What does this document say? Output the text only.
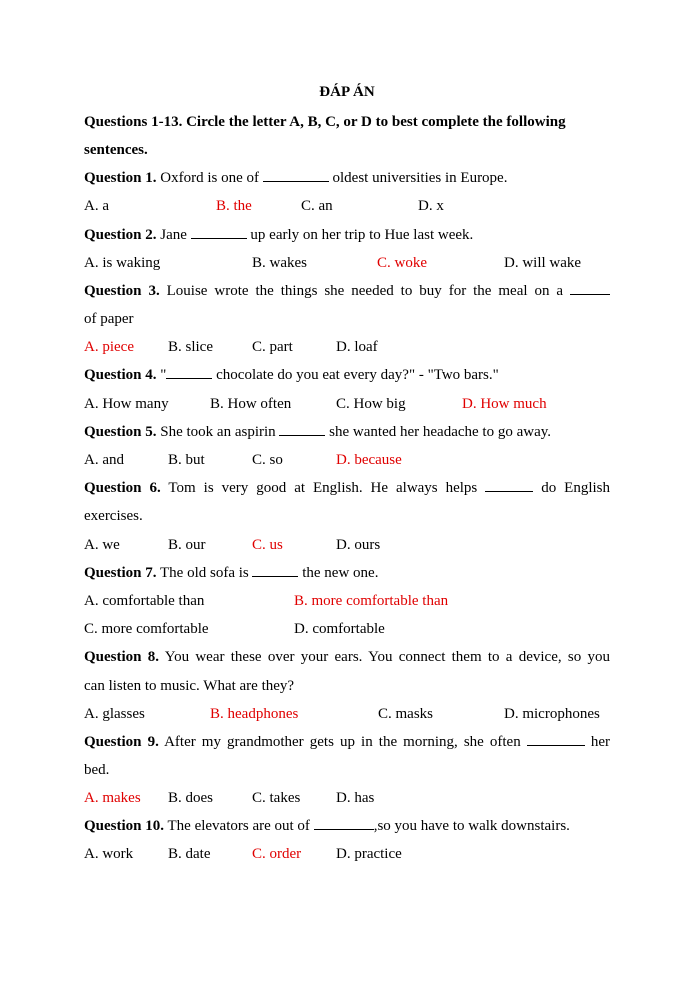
ĐÁP ÁN
Questions 1-13. Circle the letter A, B, C, or D to best complete the following
sentences.
Question 1. Oxford is one of	oldest universities in Europe.
A. a	B. the	C. an	D. x
Question 2. Jane	up early on her trip to Hue last week.
A. is waking	B. wakes	C. woke	D. will wake
Question 3. Louise wrote the things she needed to buy for the meal on a
of paper
A. piece B. slice	C. part	D. loaf
Question 4. "	chocolate do you eat every day?" - "Two bars."
A. How many	B. How often	C. How big	D. How much
Question 5. She took an aspirin	she wanted her headache to go away.
A. and	B. but	C. so	D. because
Question 6. Tom is very good at English. He always helps	do English
exercises.
A. we	B. our	C. us	D. ours
Question 7. The old sofa is	the new one.
A. comfortable than	B. more comfortable than
C. more comfortable	D. comfortable
Question 8. You wear these over your ears. You connect them to a device, so you
can listen to music. What are they?
A. glasses	B. headphones	C. masks	D. microphones
Question 9. After my grandmother gets up in the morning, she often	her
bed.
A. makes B. does	C. takes D. has
Question 10. The elevators are out of	,so you have to walk downstairs.
A. work B. date	C. order D. practice
